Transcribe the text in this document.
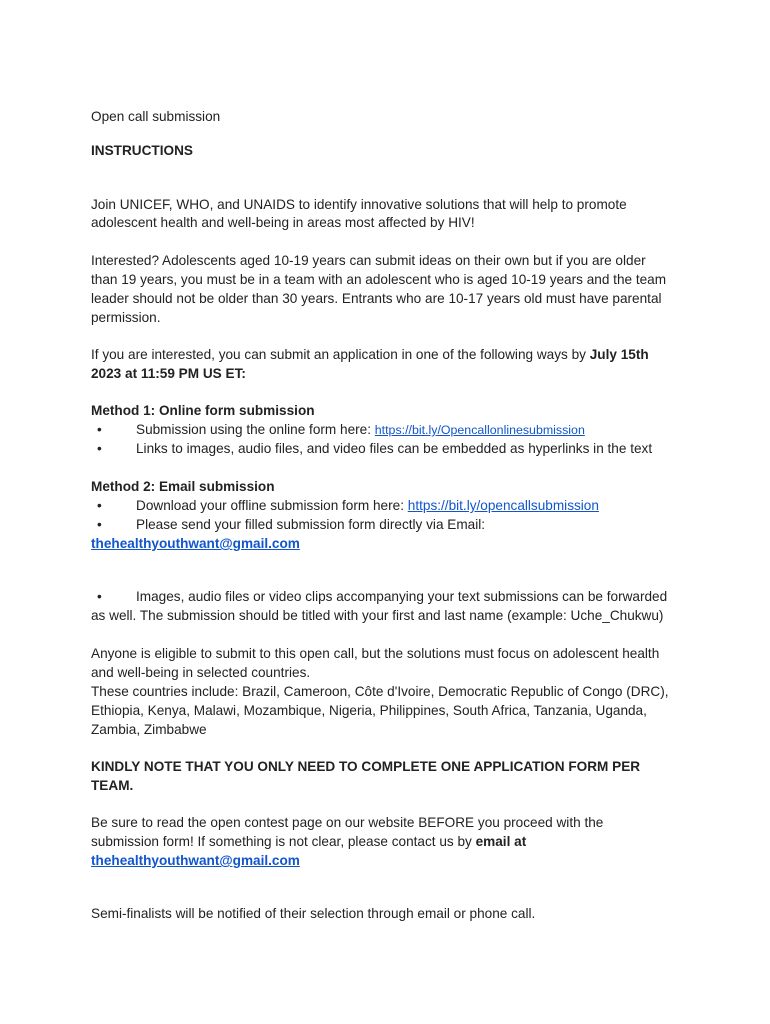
Open call submission
INSTRUCTIONS
Join UNICEF, WHO, and UNAIDS to identify innovative solutions that will help to promote
adolescent health and well-being in areas most affected by HIV!
Interested? Adolescents aged 10-19 years can submit ideas on their own but if you are older
than 19 years, you must be in a team with an adolescent who is aged 10-19 years and the team
leader should not be older than 30 years. Entrants who are 10-17 years old must have parental
permission.
If you are interested, you can submit an application in one of the following ways by July 15th
2023 at 11:59 PM US ET:
Method 1: Online form submission
•	Submission using the online form here: https://bit.ly/Opencallonlinesubmission
•	Links to images, audio files, and video files can be embedded as hyperlinks in the text
Method 2: Email submission
•	Download your offline submission form here: https://bit.ly/opencallsubmission
•	Please send your filled submission form directly via Email:
thehealthyouthwant@gmail.com
•	Images, audio files or video clips accompanying your text submissions can be forwarded
as well. The submission should be titled with your first and last name (example: Uche_Chukwu)
Anyone is eligible to submit to this open call, but the solutions must focus on adolescent health
and well-being in selected countries.
These countries include: Brazil, Cameroon, Côte d'Ivoire, Democratic Republic of Congo (DRC),
Ethiopia, Kenya, Malawi, Mozambique, Nigeria, Philippines, South Africa, Tanzania, Uganda,
Zambia, Zimbabwe
KINDLY NOTE THAT YOU ONLY NEED TO COMPLETE ONE APPLICATION FORM PER
TEAM.
Be sure to read the open contest page on our website BEFORE you proceed with the
submission form! If something is not clear, please contact us by email at
thehealthyouthwant@gmail.com
Semi-finalists will be notified of their selection through email or phone call.
